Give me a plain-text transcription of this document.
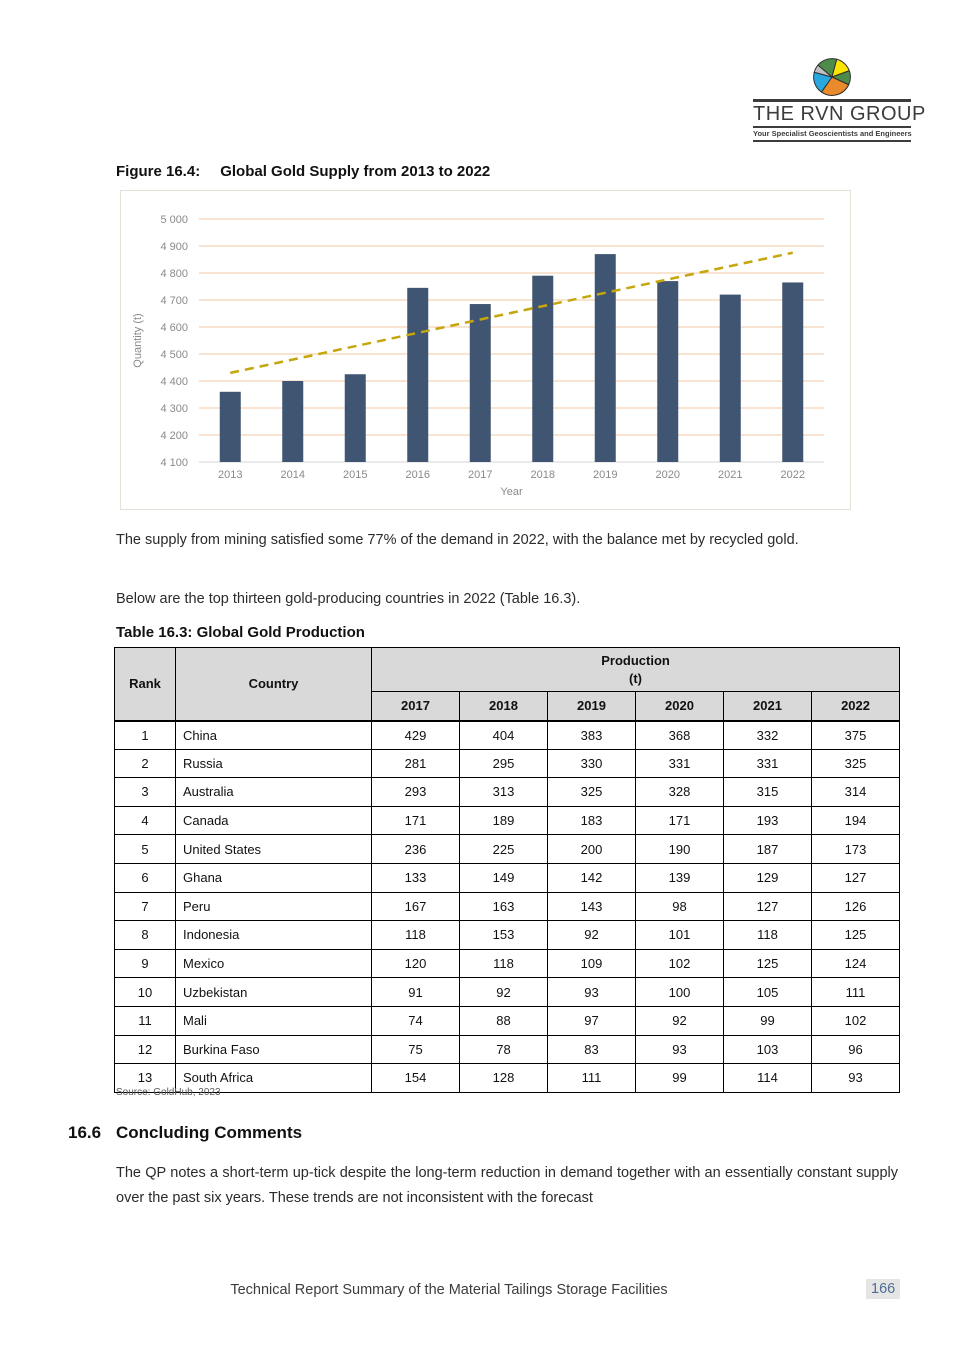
THE RVN GROUP
Your Specialist Geoscientists and Engineers
Figure 16.4: Global Gold Supply from 2013 to 2022
4 100
4 200
4 300
4 400
4 500
4 600
4 700
4 800
4 900
5 000
2013	2014	2015	2016	2017	2018	2019	2020	2021	2022
Year
Quantity (t)
The supply from mining satisfied some 77% of the demand in 2022, with the balance met by recycled gold.
Below are the top thirteen gold-producing countries in 2022 (Table 16.3).
Table 16.3: Global Gold Production
Rank	Country	Production
(t)					

		2017	2018	2019	2020	2021	2022
1	China	429	404	383	368	332	375
2	Russia	281	295	330	331	331	325
3	Australia	293	313	325	328	315	314
4	Canada	171	189	183	171	193	194
5	United States	236	225	200	190	187	173
6	Ghana	133	149	142	139	129	127
7	Peru	167	163	143	98	127	126
8	Indonesia	118	153	92	101	118	125
9	Mexico	120	118	109	102	125	124
10	Uzbekistan	91	92	93	100	105	111
11	Mali	74	88	97	92	99	102
12	Burkina Faso	75	78	83	93	103	96
13	South Africa	154	128	111	99	114	93
Source: GoldHub, 2023
16.6 Concluding Comments
The QP notes a short-term up-tick despite the long-term reduction in demand together with an essentially constant supply over the past six years. These trends are not inconsistent with the forecast
Technical Report Summary of the Material Tailings Storage Facilities	166
